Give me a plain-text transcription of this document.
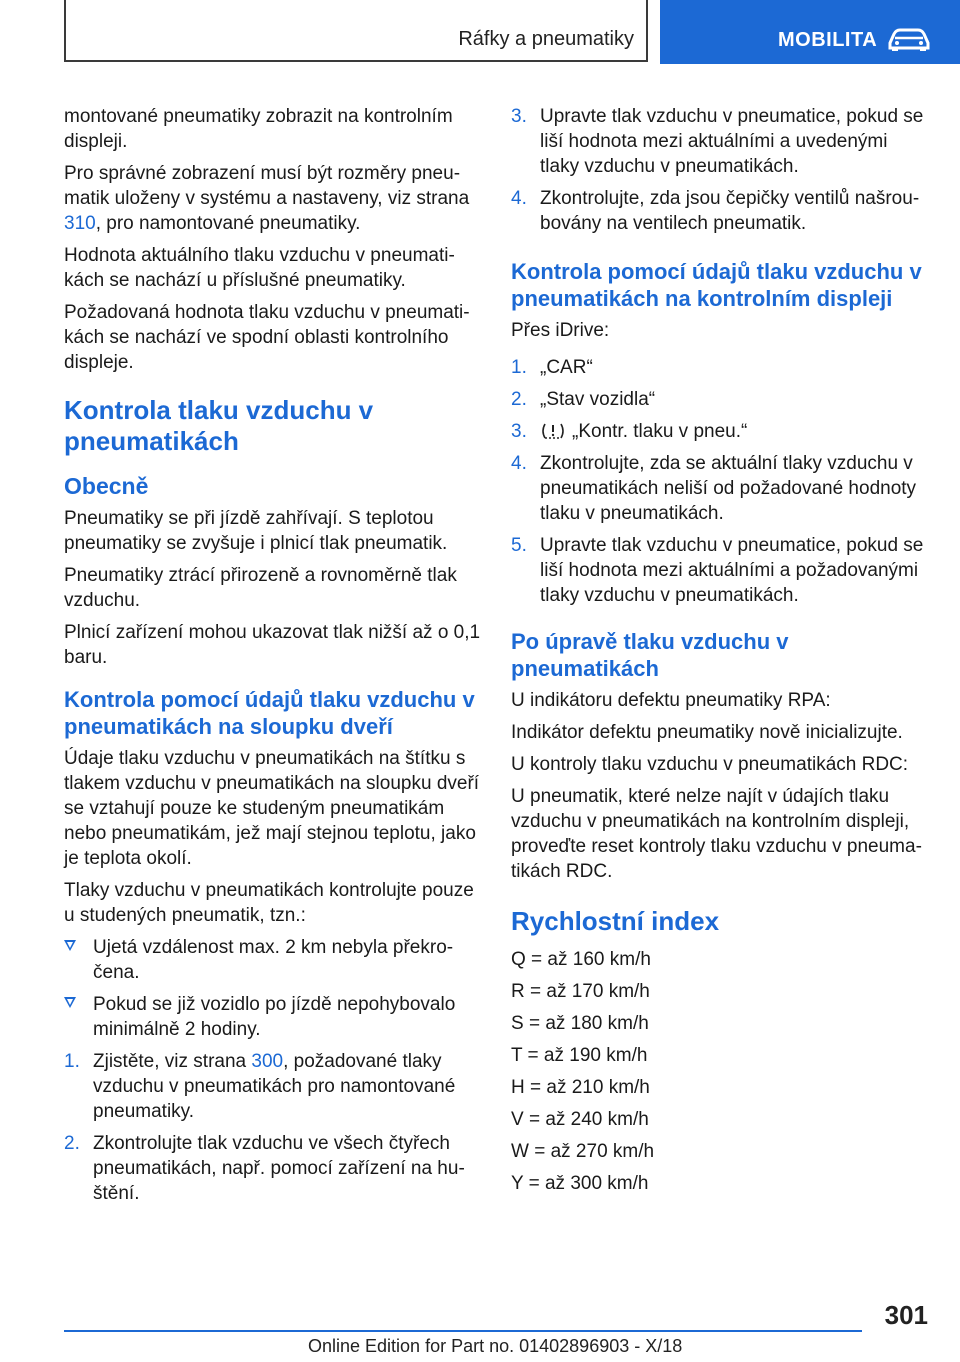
Ráfky a pneumatiky	MOBILITA

montované pneumatiky zobrazit na kontrolním displeji.

Pro správné zobrazení musí být rozměry pneumatik uloženy v systému a nastaveny, viz strana 310, pro namontované pneumatiky.

Hodnota aktuálního tlaku vzduchu v pneumatikách se nachází u příslušné pneumatiky.

Požadovaná hodnota tlaku vzduchu v pneumatikách se nachází ve spodní oblasti kontrolního displeje.

Kontrola tlaku vzduchu v pneumatikách
Obecně

Pneumatiky se při jízdě zahřívají. S teplotou pneumatiky se zvyšuje i plnicí tlak pneumatik.

Pneumatiky ztrácí přirozeně a rovnoměrně tlak vzduchu.

Plnicí zařízení mohou ukazovat tlak nižší až o 0,1 baru.

Kontrola pomocí údajů tlaku vzduchu v pneumatikách na sloupku dveří

Údaje tlaku vzduchu v pneumatikách na štítku s tlakem vzduchu v pneumatikách na sloupku dveří se vztahují pouze ke studeným pneumatikám nebo pneumatikám, jež mají stejnou teplotu, jako je teplota okolí.

Tlaky vzduchu v pneumatikách kontrolujte pouze u studených pneumatik, tzn.:

Ujetá vzdálenost max. 2 km nebyla překročena.
Pokud se již vozidlo po jízdě nepohybovalo minimálně 2 hodiny.
1. Zjistěte, viz strana 300, požadované tlaky vzduchu v pneumatikách pro namontované pneumatiky.
2. Zkontrolujte tlak vzduchu ve všech čtyřech pneumatikách, např. pomocí zařízení na huštění.
3. Upravte tlak vzduchu v pneumatice, pokud se liší hodnota mezi aktuálními a uvedenými tlaky vzduchu v pneumatikách.
4. Zkontrolujte, zda jsou čepičky ventilů našroubovány na ventilech pneumatik.
Kontrola pomocí údajů tlaku vzduchu v pneumatikách na kontrolním displeji

Přes iDrive:

1. „CAR“
2. „Stav vozidla“
3. „Kontr. tlaku v pneu.“
4. Zkontrolujte, zda se aktuální tlaky vzduchu v pneumatikách neliší od požadované hodnoty tlaku v pneumatikách.
5. Upravte tlak vzduchu v pneumatice, pokud se liší hodnota mezi aktuálními a požadovanými tlaky vzduchu v pneumatikách.
Po úpravě tlaku vzduchu v pneumatikách

U indikátoru defektu pneumatiky RPA:

Indikátor defektu pneumatiky nově inicializujte.

U kontroly tlaku vzduchu v pneumatikách RDC:

U pneumatik, které nelze najít v údajích tlaku vzduchu v pneumatikách na kontrolním displeji, proveďte reset kontroly tlaku vzduchu v pneumatikách RDC.

Rychlostní index

Q = až 160 km/h

R = až 170 km/h

S = až 180 km/h

T = až 190 km/h

H = až 210 km/h

V = až 240 km/h

W = až 270 km/h

Y = až 300 km/h

301
Online Edition for Part no. 01402896903 - X/18
